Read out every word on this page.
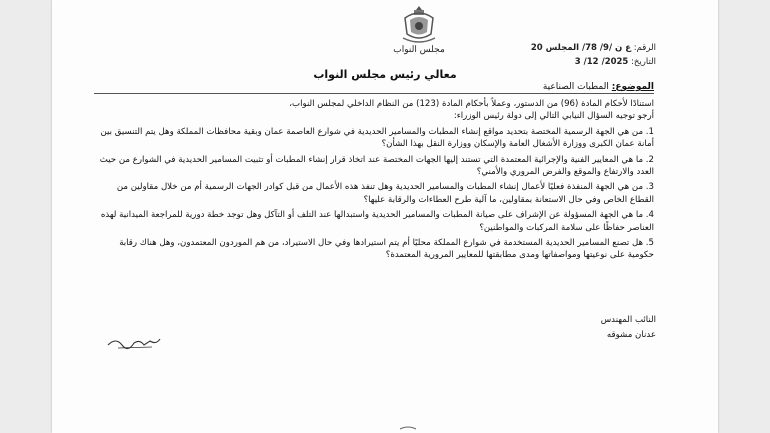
مجلس النواب	الرقم: ع ن /9/ 78/ المجلس 20
التاريخ: 2025/ 12/ 3
معالي رئيس مجلس النواب
الموضوع: المطبات الصناعية

استنادًا لأحكام المادة (96) من الدستور، وعملاً بأحكام المادة (123) من النظام الداخلي لمجلس النواب،

أرجو توجيه السؤال النيابي التالي إلى دولة رئيس الوزراء:

1. من هي الجهة الرسمية المختصة بتحديد مواقع إنشاء المطبات والمسامير الحديدية في شوارع العاصمة عمان وبقية محافظات المملكة وهل يتم التنسيق بين أمانة عمان الكبرى ووزارة الأشغال العامة والإسكان ووزارة النقل بهذا الشأن؟

2. ما هي المعايير الفنية والإجرائية المعتمدة التي تستند إليها الجهات المختصة عند اتخاذ قرار إنشاء المطبات أو تثبيت المسامير الحديدية في الشوارع من حيث العدد والارتفاع والموقع والفرض المروري والأمني؟

3. من هي الجهة المنفذة فعليًا لأعمال إنشاء المطبات والمسامير الحديدية وهل تنفذ هذه الأعمال من قبل كوادر الجهات الرسمية أم من خلال مقاولين من القطاع الخاص وفي حال الاستعانة بمقاولين، ما آلية طرح العطاءات والرقابة عليها؟

4. ما هي الجهة المسؤولة عن الإشراف على صيانة المطبات والمسامير الحديدية واستبدالها عند التلف أو التآكل وهل توجد خطة دورية للمراجعة الميدانية لهذه العناصر حفاظًا على سلامة المركبات والمواطنين؟

5. هل تصنع المسامير الحديدية المستخدمة في شوارع المملكة محليًا أم يتم استيرادها وفي حال الاستيراد، من هم الموردون المعتمدون، وهل هناك رقابة حكومية على نوعيتها ومواصفاتها ومدى مطابقتها للمعايير المرورية المعتمدة؟

النائب المهندس
عدنان مشوقه
